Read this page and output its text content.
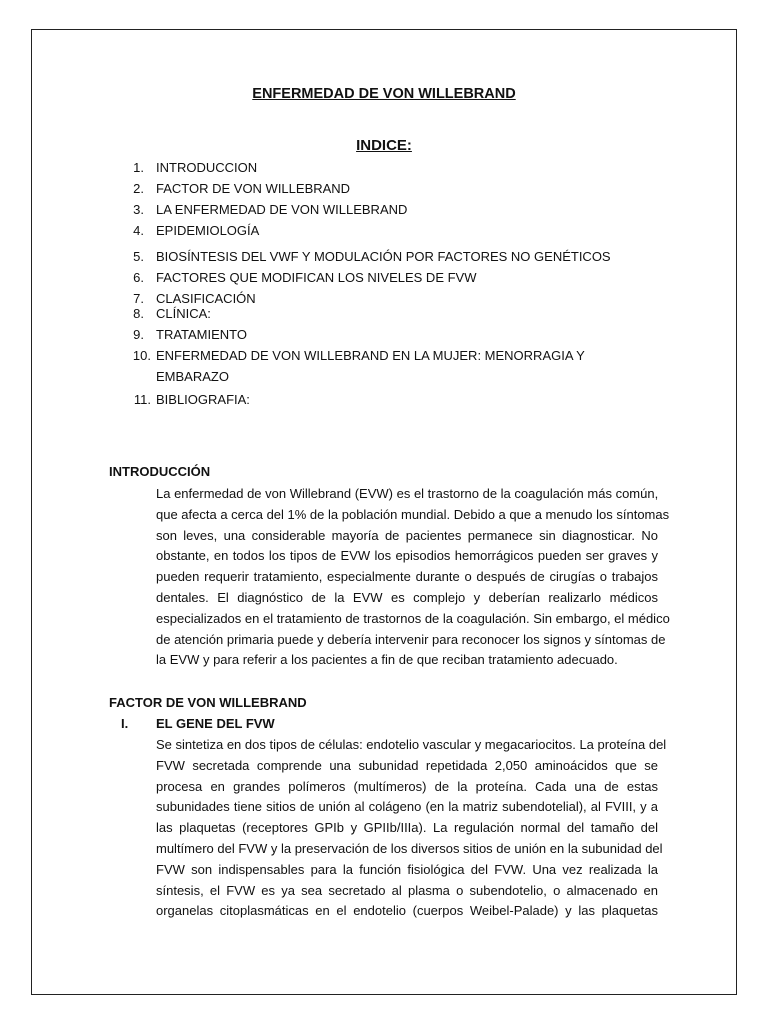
ENFERMEDAD DE VON WILLEBRAND
INDICE:
1. INTRODUCCION
2. FACTOR DE VON WILLEBRAND
3. LA ENFERMEDAD DE VON WILLEBRAND
4. EPIDEMIOLOGÍA
5. BIOSÍNTESIS DEL VWF Y MODULACIÓN POR FACTORES NO GENÉTICOS
6. FACTORES QUE MODIFICAN LOS NIVELES DE FVW
7. CLASIFICACIÓN
8. CLÍNICA:
9. TRATAMIENTO
10. ENFERMEDAD DE VON WILLEBRAND EN LA MUJER: MENORRAGIA Y
EMBARAZO
11. BIBLIOGRAFIA:
INTRODUCCIÓN
La enfermedad de von Willebrand (EVW) es el trastorno de la coagulación más común,
que afecta a cerca del 1% de la población mundial. Debido a que a menudo los síntomas
son leves, una considerable mayoría de pacientes permanece sin diagnosticar. No
obstante, en todos los tipos de EVW los episodios hemorrágicos pueden ser graves y
pueden requerir tratamiento, especialmente durante o después de cirugías o trabajos
dentales. El diagnóstico de la EVW es complejo y deberían realizarlo médicos
especializados en el tratamiento de trastornos de la coagulación. Sin embargo, el médico
de atención primaria puede y debería intervenir para reconocer los signos y síntomas de
la EVW y para referir a los pacientes a fin de que reciban tratamiento adecuado.
FACTOR DE VON WILLEBRAND
I. EL GENE DEL FVW
Se sintetiza en dos tipos de células: endotelio vascular y megacariocitos. La proteína del
FVW secretada comprende una subunidad repetidada 2,050 aminoácidos que se
procesa en grandes polímeros (multímeros) de la proteína. Cada una de estas
subunidades tiene sitios de unión al colágeno (en la matriz subendotelial), al FVIII, y a
las plaquetas (receptores GPIb y GPIIb/IIIa). La regulación normal del tamaño del
multímero del FVW y la preservación de los diversos sitios de unión en la subunidad del
FVW son indispensables para la función fisiológica del FVW. Una vez realizada la
síntesis, el FVW es ya sea secretado al plasma o subendotelio, o almacenado en
organelas citoplasmáticas en el endotelio (cuerpos Weibel-Palade) y las plaquetas
